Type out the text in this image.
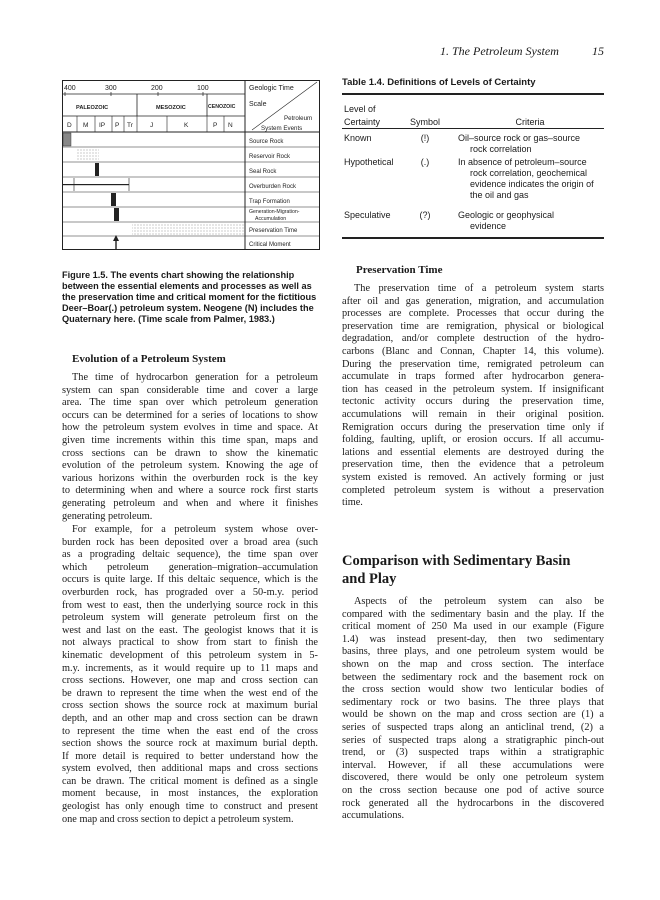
1. The Petroleum System	15
400	300	200	100	Geologic Time
Scale
PALEOZOIC	MESOZOIC	CENOZOIC
D M IP P Tr	J	K	P N
Petroleum
System Events
Source Rock
Reservoir Rock
Seal Rock
Overburden Rock
Trap Formation
Generation-Migration-
Accumulation
Preservation Time
Critical Moment
Figure 1.5. The events chart showing the relationship
between the essential elements and processes as well as
the preservation time and critical moment for the fictitious
Deer–Boar(.) petroleum system. Neogene (N) includes the
Quaternary here. (Time scale from Palmer, 1983.)
Table 1.4. Definitions of Levels of Certainty
Level of
Certainty	Symbol	Criteria
Known	(!)	Oil–source rock or gas–source
rock correlation
Hypothetical	(.)	In absence of petroleum–source
rock correlation, geochemical
evidence indicates the origin of
the oil and gas
Speculative	(?)	Geologic or geophysical
evidence
Evolution of a Petroleum System
The time of hydrocarbon generation for a petroleum
system can span considerable time and cover a large
area. The time span over which petroleum generation
occurs can be determined for a series of locations to show
how the petroleum system evolves in time and space. At
given time increments within this time span, maps and
cross sections can be drawn to show the kinematic
evolution of the petroleum system. Knowing the age of
various horizons within the overburden rock is the key
to determining when and where a source rock first starts
generating petroleum and when and where it finishes
generating petroleum.
For example, for a petroleum system whose over-
burden rock has been deposited over a broad area (such
as a prograding deltaic sequence), the time span over
which petroleum generation–migration–accumulation
occurs is quite large. If this deltaic sequence, which is the
overburden rock, has prograded over a 50-m.y. period
from west to east, then the underlying source rock in this
petroleum system will generate petroleum first on the
west and last on the east. The geologist knows that it is
not always practical to show from start to finish the
kinematic development of this petroleum system in 5-
m.y. increments, as it would require up to 11 maps and
cross sections. However, one map and cross section can
be drawn to represent the time when the west end of the
cross section shows the source rock at maximum burial
depth, and an other map and cross section can be drawn
to represent the time when the east end of the cross
section shows the source rock at maximum burial depth.
If more detail is required to better understand how the
system evolved, then additional maps and cross sections
can be drawn. The critical moment is defined as a single
moment because, in most instances, the exploration
geologist has only enough time to construct and present
one map and cross section to depict a petroleum system.
Preservation Time
The preservation time of a petroleum system starts
after oil and gas generation, migration, and accumulation
processes are complete. Processes that occur during the
preservation time are remigration, physical or biological
degradation, and/or complete destruction of the hydro-
carbons (Blanc and Connan, Chapter 14, this volume).
During the preservation time, remigrated petroleum can
accumulate in traps formed after hydrocarbon genera-
tion has ceased in the petroleum system. If insignificant
tectonic activity occurs during the preservation time,
accumulations will remain in their original position.
Remigration occurs during the preservation time only if
folding, faulting, uplift, or erosion occurs. If all accumu-
lations and essential elements are destroyed during the
preservation time, then the evidence that a petroleum
system existed is removed. An actively forming or just
completed petroleum system is without a preservation
time.
Comparison with Sedimentary Basin
and Play
Aspects of the petroleum system can also be
compared with the sedimentary basin and the play. If the
critical moment of 250 Ma used in our example (Figure
1.4) was instead present-day, then two sedimentary
basins, three plays, and one petroleum system would be
shown on the map and cross section. The interface
between the sedimentary rock and the basement rock on
the cross section would show two lenticular bodies of
sedimentary rock or two basins. The three plays that
would be shown on the map and cross section are (1) a
series of suspected traps along an anticlinal trend, (2) a
series of suspected traps along a stratigraphic pinch-out
trend, or (3) suspected traps within a stratigraphic
interval. However, if all these accumulations were
discovered, there would be only one petroleum system
on the cross section because one pod of active source
rock generated all the hydrocarbons in the discovered
accumulations.
